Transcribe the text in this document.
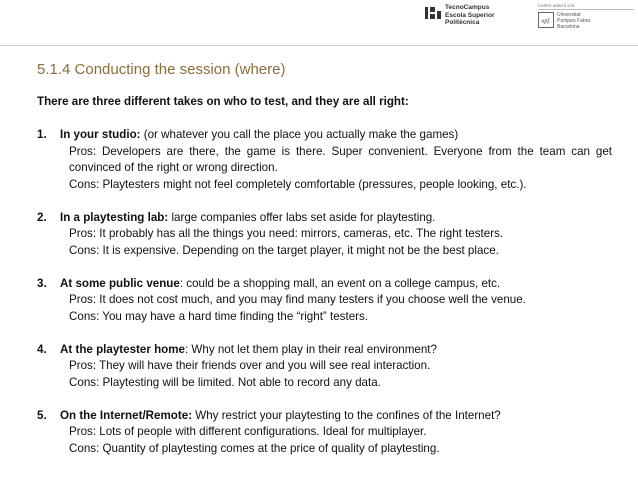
TecnoCampus
Escola Superior
Politècnica
Centre adscrit a la
upf.
Universitat
Pompeu Fabra
Barcelona
5.1.4 Conducting the session (where)
There are three different takes on who to test, and they are all right:
1.	In your studio: (or whatever you call the place you actually make the games)
Pros: Developers are there, the game is there. Super convenient. Everyone from the team can get convinced of the right or wrong direction.
Cons: Playtesters might not feel completely comfortable (pressures, people looking, etc.).
2.	In a playtesting lab: large companies offer labs set aside for playtesting.
Pros: It probably has all the things you need: mirrors, cameras, etc. The right testers.
Cons: It is expensive. Depending on the target player, it might not be the best place.
3.	At some public venue: could be a shopping mall, an event on a college campus, etc.
Pros: It does not cost much, and you may find many testers if you choose well the venue.
Cons: You may have a hard time finding the “right” testers.
4.	At the playtester home: Why not let them play in their real environment?
Pros: They will have their friends over and you will see real interaction.
Cons: Playtesting will be limited. Not able to record any data.
5.	On the Internet/Remote: Why restrict your playtesting to the confines of the Internet?
Pros: Lots of people with different configurations. Ideal for multiplayer.
Cons: Quantity of playtesting comes at the price of quality of playtesting.
